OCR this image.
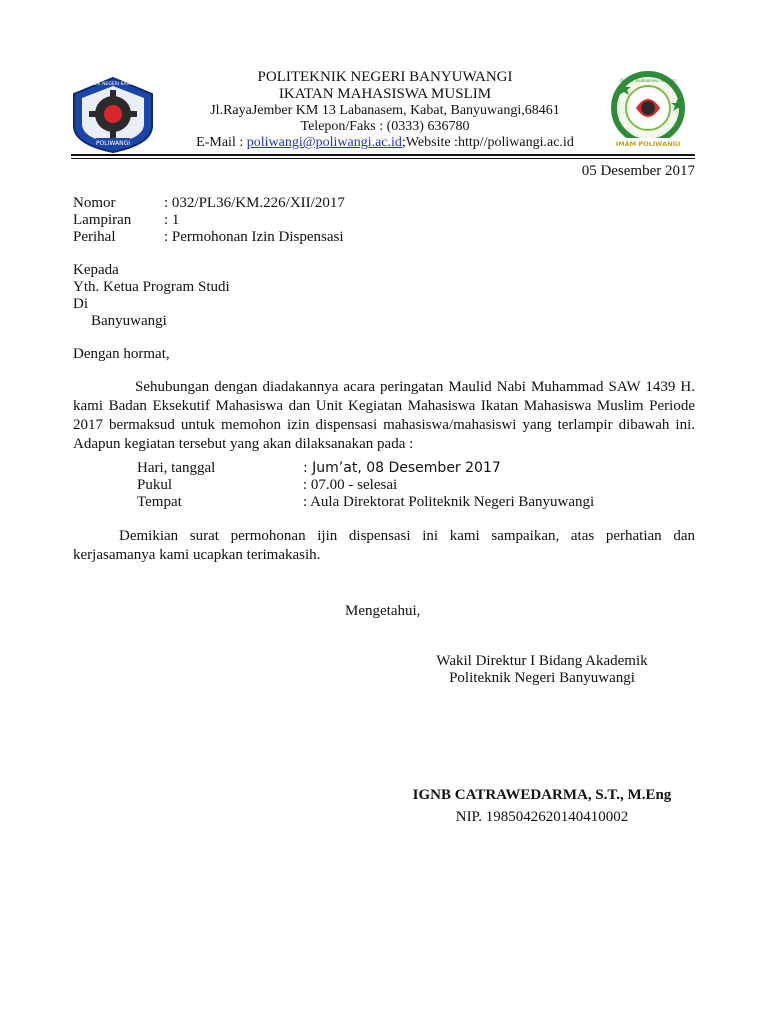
POLIWANGI
POLITEKNIK NEGERI BANYUWANGI
IMAM POLIWANGI
Ikatan Mahasiswa Muslim
POLITEKNIK NEGERI BANYUWANGI
IKATAN MAHASISWA MUSLIM
Jl.RayaJember KM 13 Labanasem, Kabat, Banyuwangi,68461
Telepon/Faks : (0333) 636780
E-Mail : poliwangi@poliwangi.ac.id;Website :http//poliwangi.ac.id
05 Desember 2017
Nomor	: 032/PL36/KM.226/XII/2017
Lampiran : 1
Perihal	: Permohonan Izin Dispensasi
Kepada
Yth. Ketua Program Studi
Di
Banyuwangi
Dengan hormat,
Sehubungan dengan diadakannya acara peringatan Maulid Nabi Muhammad SAW 1439 H. kami Badan Eksekutif Mahasiswa dan Unit Kegiatan Mahasiswa Ikatan Mahasiswa Muslim Periode 2017 bermaksud untuk memohon izin dispensasi mahasiswa/mahasiswi yang terlampir dibawah ini. Adapun kegiatan tersebut yang akan dilaksanakan pada :
Hari, tanggal	: Jum’at, 08 Desember 2017
Pukul	: 07.00 - selesai
Tempat	: Aula Direktorat Politeknik Negeri Banyuwangi
Demikian surat permohonan ijin dispensasi ini kami sampaikan, atas perhatian dan kerjasamanya kami ucapkan terimakasih.
Mengetahui,
Wakil Direktur I Bidang Akademik
Politeknik Negeri Banyuwangi
IGNB CATRAWEDARMA, S.T., M.Eng
NIP. 1985042620140410002
